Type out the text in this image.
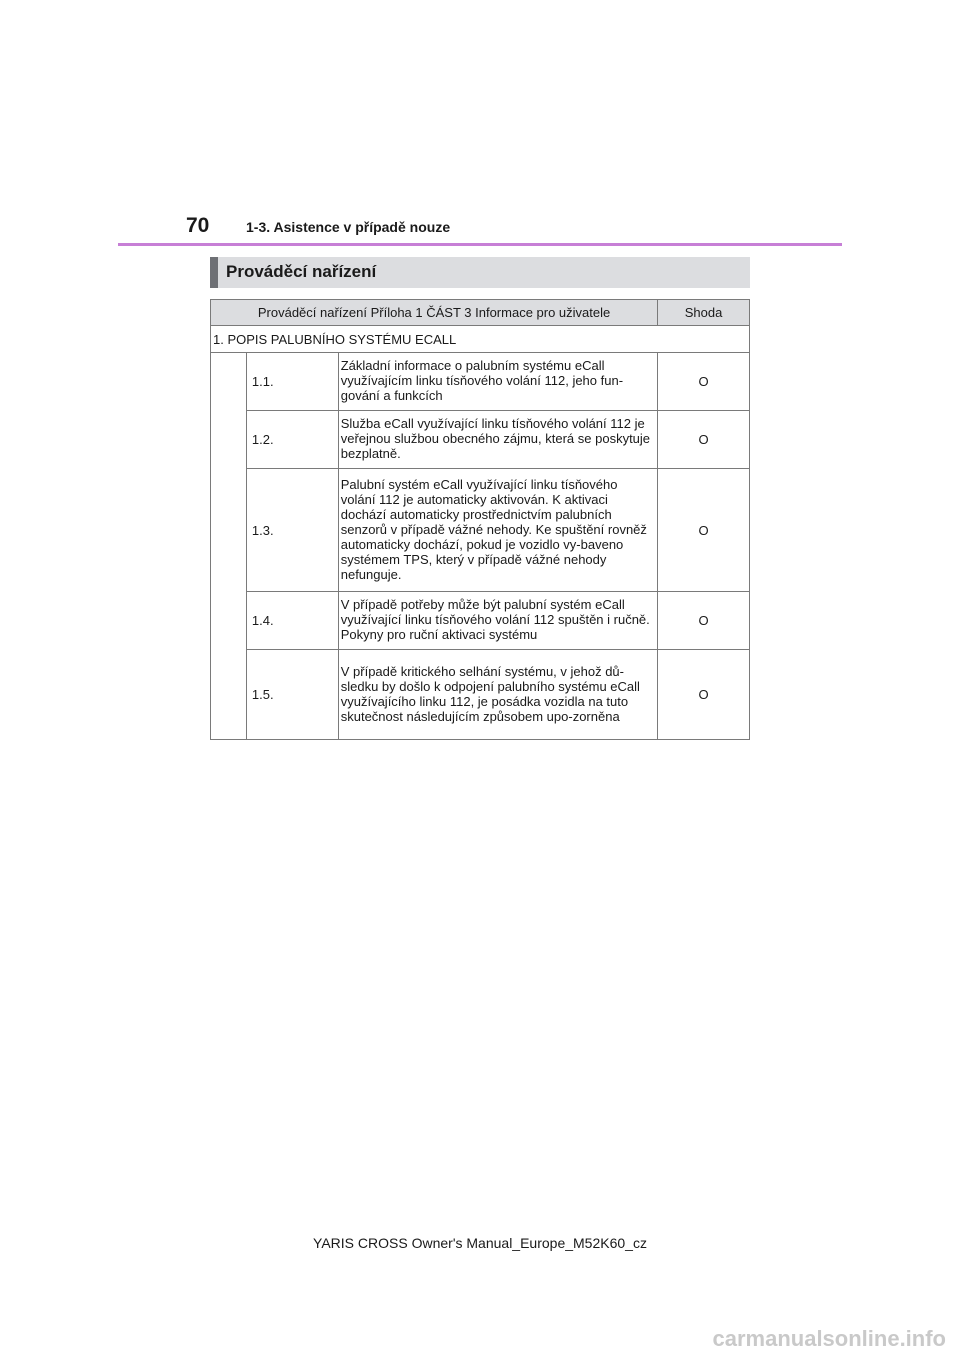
70	1-3. Asistence v případě nouze
Prováděcí nařízení
Prováděcí nařízení Příloha 1 ČÁST 3 Informace pro uživatele			Shoda
1. POPIS PALUBNÍHO SYSTÉMU ECALL			
	1.1.	Základní informace o palubním systému eCall využívajícím linku tísňového volání 112, jeho fun-gování a funkcích	O
	1.2.	Služba eCall využívající linku tísňového volání 112 je veřejnou službou obecného zájmu, která se poskytuje bezplatně.	O
	1.3.	Palubní systém eCall využívající linku tísňového volání 112 je automaticky aktivován. K aktivaci dochází automaticky prostřednictvím palubních senzorů v případě vážné nehody. Ke spuštění rovněž automaticky dochází, pokud je vozidlo vy-baveno systémem TPS, který v případě vážné nehody nefunguje.	O
	1.4.	V případě potřeby může být palubní systém eCall využívající linku tísňového volání 112 spuštěn i ručně. Pokyny pro ruční aktivaci systému	O
	1.5.	V případě kritického selhání systému, v jehož dů-sledku by došlo k odpojení palubního systému eCall využívajícího linku 112, je posádka vozidla na tuto skutečnost následujícím způsobem upo-zorněna	O
YARIS CROSS Owner's Manual_Europe_M52K60_cz
carmanualsonline.info
